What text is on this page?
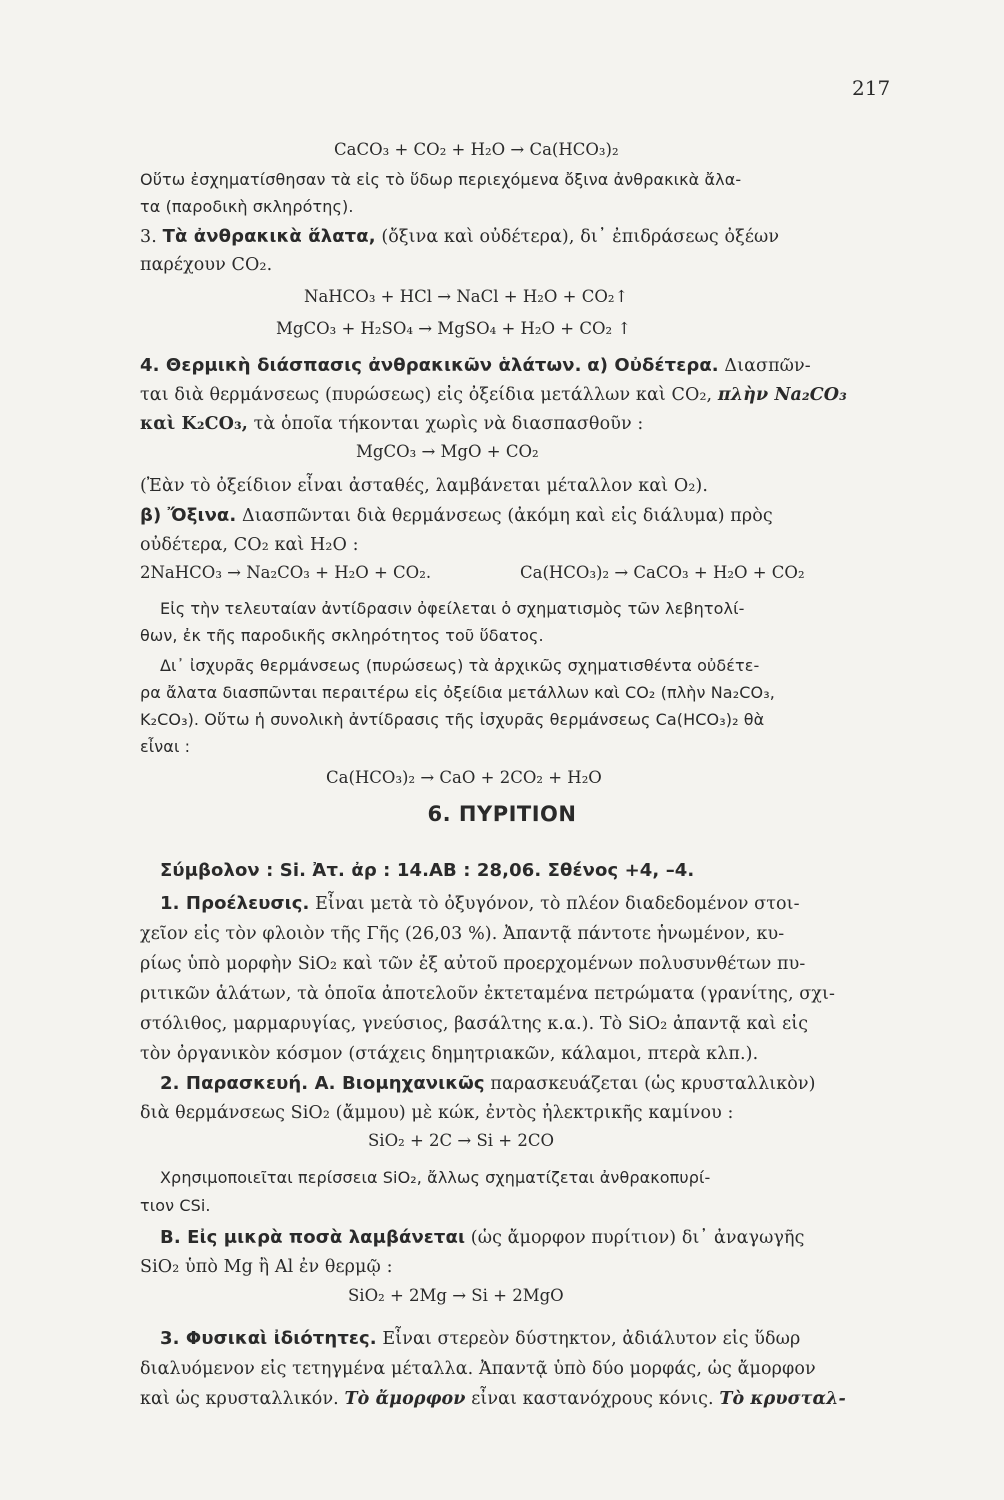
217
CaCO₃ + CO₂ + H₂O → Ca(HCO₃)₂
Οὕτω ἐσχηματίσθησαν τὰ εἰς τὸ ὕδωρ περιεχόμενα ὄξινα ἀνθρακικὰ ἄλα-
τα (παροδικὴ σκληρότης).
3. Τὰ ἀνθρακικὰ ἅλατα, (ὄξινα καὶ οὐδέτερα), δι᾽ ἐπιδράσεως ὀξέων
παρέχουν CO₂.
NaHCO₃ + HCl → NaCl + H₂O + CO₂↑
MgCO₃ + H₂SO₄ → MgSO₄ + H₂O + CO₂ ↑
4. Θερμικὴ διάσπασις ἀνθρακικῶν ἁλάτων. α) Οὐδέτερα. Διασπῶν-
ται διὰ θερμάνσεως (πυρώσεως) εἰς ὀξείδια μετάλλων καὶ CO₂, πλὴν Na₂CO₃
καὶ K₂CO₃, τὰ ὁποῖα τήκονται χωρὶς νὰ διασπασθοῦν :
MgCO₃ → MgO + CO₂
(Ἐὰν τὸ ὀξείδιον εἶναι ἀσταθές, λαμβάνεται μέταλλον καὶ O₂).
β) Ὄξινα. Διασπῶνται διὰ θερμάνσεως (ἀκόμη καὶ εἰς διάλυμα) πρὸς
οὐδέτερα, CO₂ καὶ H₂O :
2NaHCO₃ → Na₂CO₃ + H₂O + CO₂.	Ca(HCO₃)₂ → CaCO₃ + H₂O + CO₂
Εἰς τὴν τελευταίαν ἀντίδρασιν ὀφείλεται ὁ σχηματισμὸς τῶν λεβητολί-
θων, ἐκ τῆς παροδικῆς σκληρότητος τοῦ ὕδατος.
Δι᾽ ἰσχυρᾶς θερμάνσεως (πυρώσεως) τὰ ἀρχικῶς σχηματισθέντα οὐδέτε-
ρα ἄλατα διασπῶνται περαιτέρω εἰς ὀξείδια μετάλλων καὶ CO₂ (πλὴν Na₂CO₃,
K₂CO₃). Οὕτω ἡ συνολικὴ ἀντίδρασις τῆς ἰσχυρᾶς θερμάνσεως Ca(HCO₃)₂ θὰ
εἶναι :
Ca(HCO₃)₂ → CaO + 2CO₂ + H₂O
6. ΠΥΡΙΤΙΟΝ
Σύμβολον : Si. Ἀτ. ἀρ : 14.ΑΒ : 28,06. Σθένος +4, –4.
1. Προέλευσις. Εἶναι μετὰ τὸ ὀξυγόνον, τὸ πλέον διαδεδομένον στοι-
χεῖον εἰς τὸν φλοιὸν τῆς Γῆς (26,03 %). Ἀπαντᾷ πάντοτε ἡνωμένον, κυ-
ρίως ὑπὸ μορφὴν SiO₂ καὶ τῶν ἐξ αὐτοῦ προερχομένων πολυσυνθέτων πυ-
ριτικῶν ἁλάτων, τὰ ὁποῖα ἀποτελοῦν ἐκτεταμένα πετρώματα (γρανίτης, σχι-
στόλιθος, μαρμαρυγίας, γνεύσιος, βασάλτης κ.α.). Τὸ SiO₂ ἀπαντᾷ καὶ εἰς
τὸν ὀργανικὸν κόσμον (στάχεις δημητριακῶν, κάλαμοι, πτερὰ κλπ.).
2. Παρασκευή. Α. Βιομηχανικῶς παρασκευάζεται (ὡς κρυσταλλικὸν)
διὰ θερμάνσεως SiO₂ (ἄμμου) μὲ κώκ, ἐντὸς ἠλεκτρικῆς καμίνου :
SiO₂ + 2C → Si + 2CO
Χρησιμοποιεῖται περίσσεια SiO₂, ἄλλως σχηματίζεται ἀνθρακοπυρί-
τιον CSi.
Β. Εἰς μικρὰ ποσὰ λαμβάνεται (ὡς ἄμορφον πυρίτιον) δι᾽ ἀναγωγῆς
SiO₂ ὑπὸ Mg ἢ Al ἐν θερμῷ :
SiO₂ + 2Mg → Si + 2MgO
3. Φυσικαὶ ἰδιότητες. Εἶναι στερεὸν δύστηκτον, ἀδιάλυτον εἰς ὕδωρ
διαλυόμενον εἰς τετηγμένα μέταλλα. Ἀπαντᾷ ὑπὸ δύο μορφάς, ὡς ἄμορφον
καὶ ὡς κρυσταλλικόν. Τὸ ἄμορφον εἶναι καστανόχρους κόνις. Τὸ κρυσταλ-
